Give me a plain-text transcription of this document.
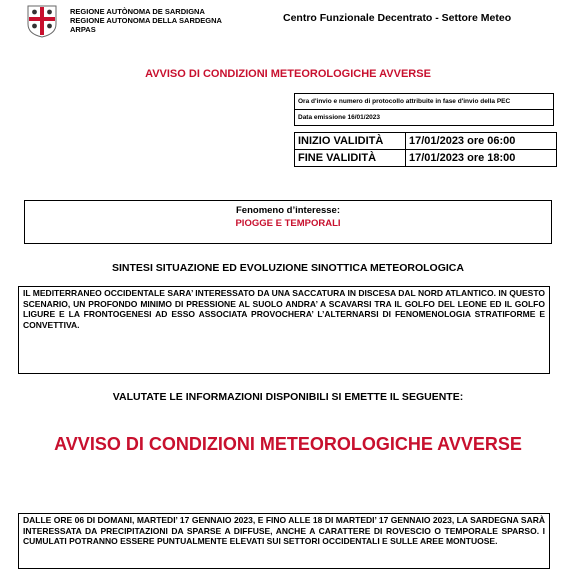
REGIONE AUTÒNOMA DE SARDIGNA
REGIONE AUTONOMA DELLA SARDEGNA
ARPAS
Centro Funzionale Decentrato - Settore Meteo
AVVISO DI CONDIZIONI METEOROLOGICHE AVVERSE
Ora d'invio e numero di protocollo attribuite in fase d'invio della PEC
Data emissione 16/01/2023
INIZIO VALIDITÀ	17/01/2023 ore 06:00
FINE VALIDITÀ	17/01/2023 ore 18:00
Fenomeno d’interesse:
PIOGGE E TEMPORALI
SINTESI SITUAZIONE ED EVOLUZIONE SINOTTICA METEOROLOGICA
IL MEDITERRANEO OCCIDENTALE SARA’ INTERESSATO DA UNA SACCATURA IN DISCESA DAL NORD ATLANTICO. IN QUESTO SCENARIO, UN PROFONDO MINIMO DI PRESSIONE AL SUOLO ANDRA’ A SCAVARSI TRA IL GOLFO DEL LEONE ED IL GOLFO LIGURE E LA FRONTOGENESI AD ESSO ASSOCIATA PROVOCHERA’ L’ALTERNARSI DI FENOMENOLOGIA STRATIFORME E CONVETTIVA.
VALUTATE LE INFORMAZIONI DISPONIBILI SI EMETTE IL SEGUENTE:
AVVISO DI CONDIZIONI METEOROLOGICHE AVVERSE
DALLE ORE 06 DI DOMANI, MARTEDI’ 17 GENNAIO 2023, E FINO ALLE 18 DI MARTEDI’ 17 GENNAIO 2023, LA SARDEGNA SARÀ INTERESSATA DA PRECIPITAZIONI DA SPARSE A DIFFUSE, ANCHE A CARATTERE DI ROVESCIO O TEMPORALE SPARSO. I CUMULATI POTRANNO ESSERE PUNTUALMENTE ELEVATI SUI SETTORI OCCIDENTALI E SULLE AREE MONTUOSE.
